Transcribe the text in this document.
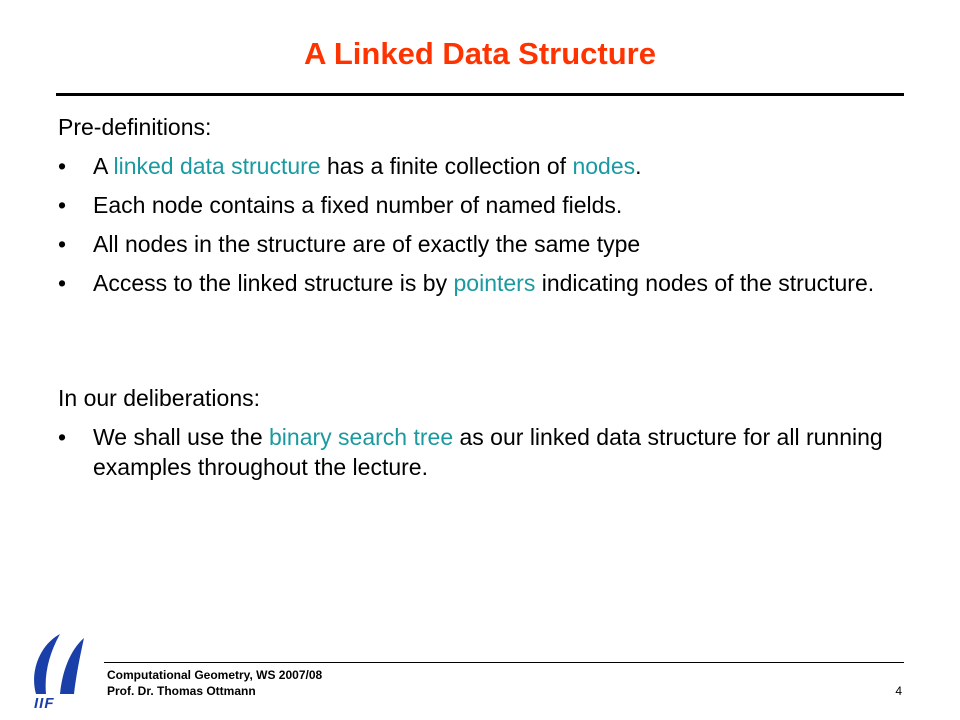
A Linked Data Structure

Pre-definitions:

• A linked data structure has a finite collection of nodes.
• Each node contains a fixed number of named fields.
• All nodes in the structure are of exactly the same type
• Access to the linked structure is by pointers indicating nodes of the structure.

In our deliberations:

• We shall use the binary search tree as our linked data structure for all running examples throughout the lecture.
IIF
Computational Geometry, WS 2007/08
Prof. Dr. Thomas Ottmann	4
